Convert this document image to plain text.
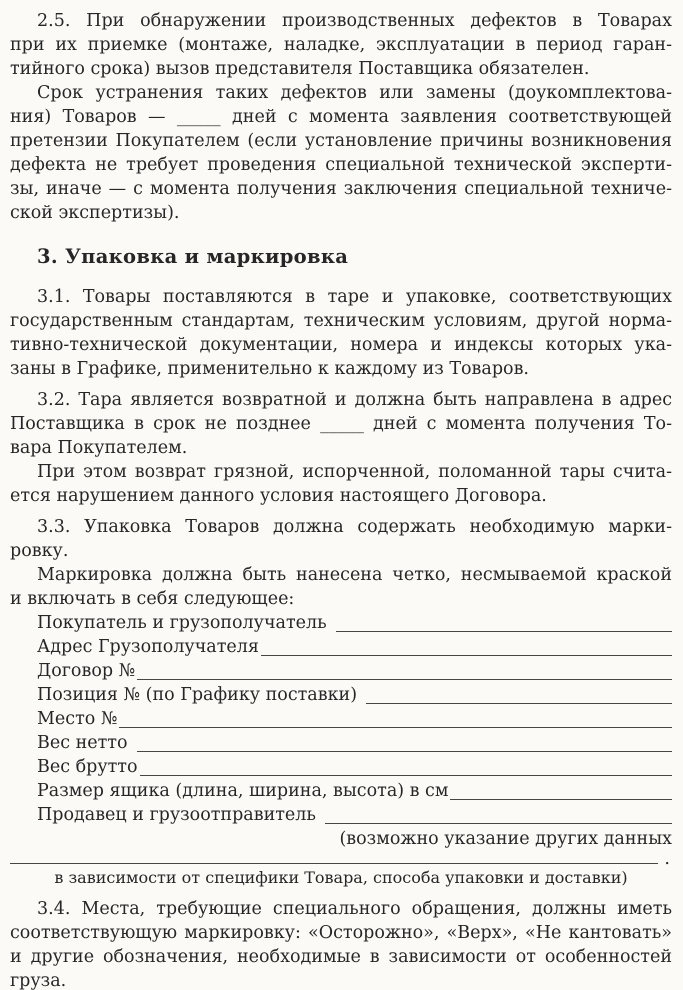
2.5. При обнаружении производственных дефектов в Товарах
при их приемке (монтаже, наладке, эксплуатации в период гаран-
тийного срока) вызов представителя Поставщика обязателен.
Срок устранения таких дефектов или замены (доукомплектова-
ния) Товаров — _____ дней с момента заявления соответствующей
претензии Покупателем (если установление причины возникновения
дефекта не требует проведения специальной технической эксперти-
зы, иначе — с момента получения заключения специальной техниче-
ской экспертизы).
3. Упаковка и маркировка
3.1. Товары поставляются в таре и упаковке, соответствующих
государственным стандартам, техническим условиям, другой норма-
тивно-технической документации, номера и индексы которых ука-
заны в Графике, применительно к каждому из Товаров.
3.2. Тара является возвратной и должна быть направлена в адрес
Поставщика в срок не позднее _____ дней с момента получения То-
вара Покупателем.
При этом возврат грязной, испорченной, поломанной тары счита-
ется нарушением данного условия настоящего Договора.
3.3. Упаковка Товаров должна содержать необходимую марки-
ровку.
Маркировка должна быть нанесена четко, несмываемой краской
и включать в себя следующее:
Покупатель и грузополучатель
Адрес Грузополучателя
Договор №
Позиция № (по Графику поставки)
Место №
Вес нетто
Вес брутто
Размер ящика (длина, ширина, высота) в см
Продавец и грузоотправитель
(возможно указание других данных
.
в зависимости от специфики Товара, способа упаковки и доставки)
3.4. Места, требующие специального обращения, должны иметь
соответствующую маркировку: «Осторожно», «Верх», «Не кантовать»
и другие обозначения, необходимые в зависимости от особенностей
груза.
